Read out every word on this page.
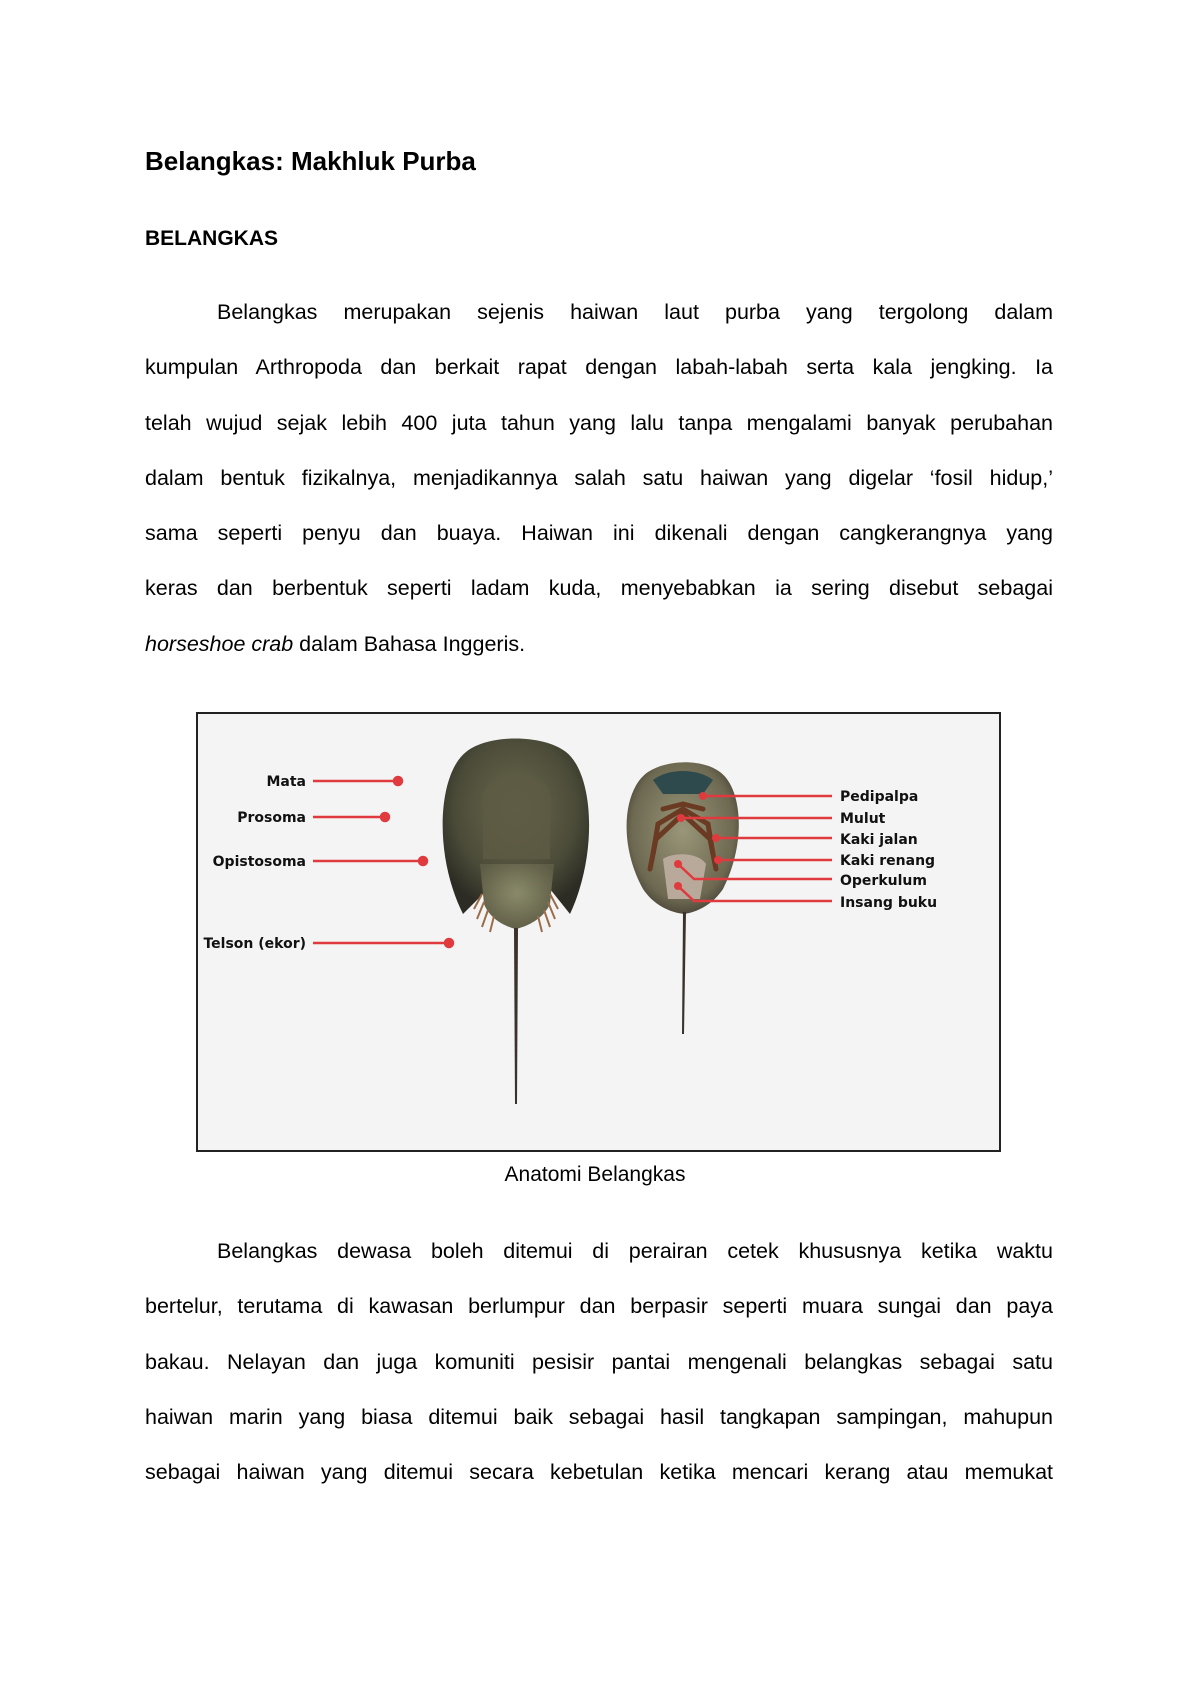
Belangkas: Makhluk Purba
BELANGKAS
Belangkas merupakan sejenis haiwan laut purba yang tergolong dalam
kumpulan Arthropoda dan berkait rapat dengan labah-labah serta kala jengking. Ia
telah wujud sejak lebih 400 juta tahun yang lalu tanpa mengalami banyak perubahan
dalam bentuk fizikalnya, menjadikannya salah satu haiwan yang digelar ‘fosil hidup,’
sama seperti penyu dan buaya. Haiwan ini dikenali dengan cangkerangnya yang
keras dan berbentuk seperti ladam kuda, menyebabkan ia sering disebut sebagai
horseshoe crab dalam Bahasa Inggeris.
Mata
Prosoma
Opistosoma
Telson (ekor)
Pedipalpa
Mulut
Kaki jalan
Kaki renang
Operkulum
Insang buku
Anatomi Belangkas
Belangkas dewasa boleh ditemui di perairan cetek khususnya ketika waktu
bertelur, terutama di kawasan berlumpur dan berpasir seperti muara sungai dan paya
bakau. Nelayan dan juga komuniti pesisir pantai mengenali belangkas sebagai satu
haiwan marin yang biasa ditemui baik sebagai hasil tangkapan sampingan, mahupun
sebagai haiwan yang ditemui secara kebetulan ketika mencari kerang atau memukat
